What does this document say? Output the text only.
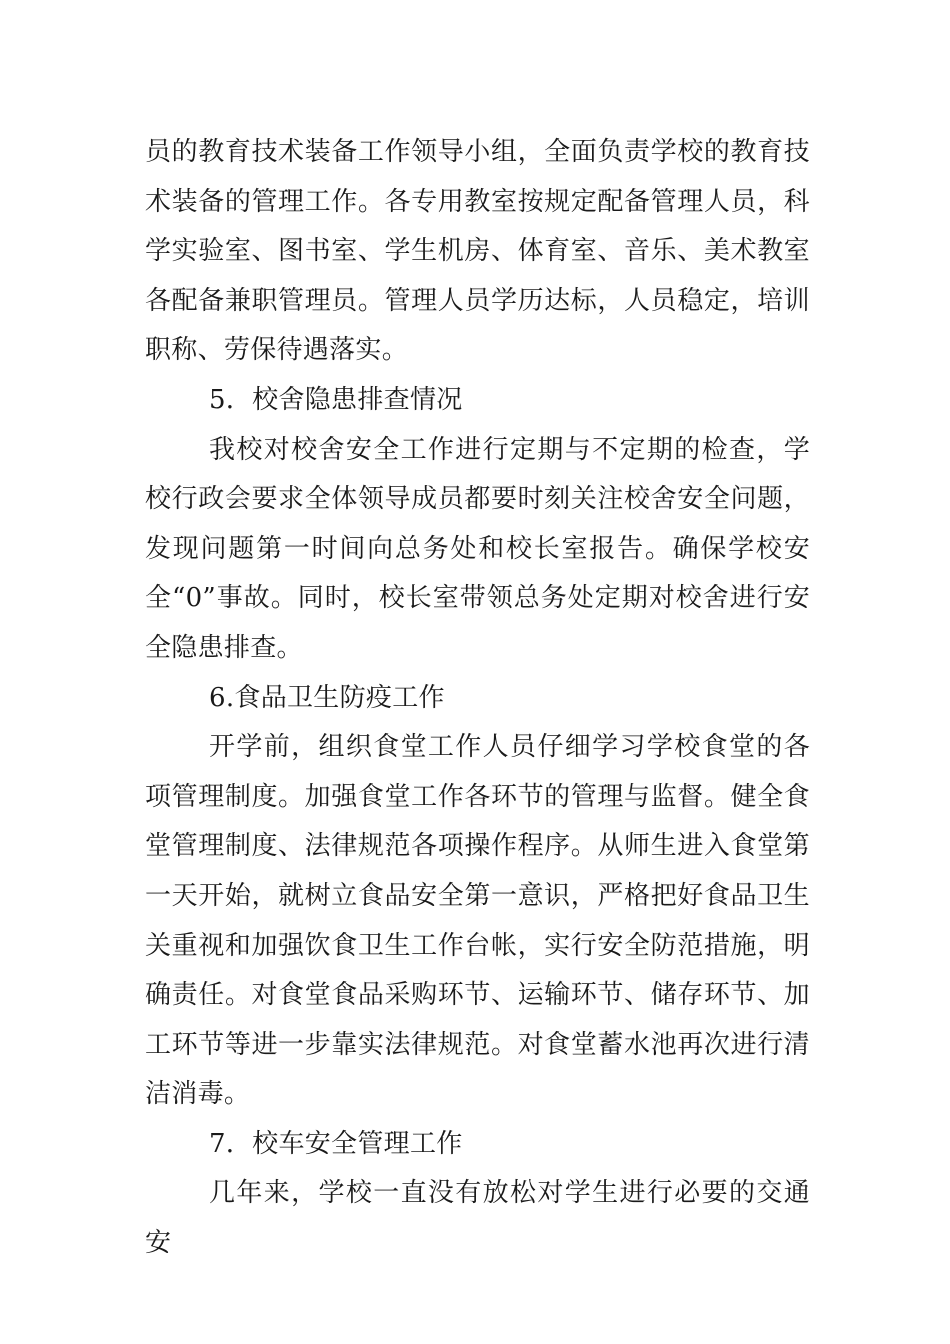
员的教育技术装备工作领导小组，全面负责学校的教育技术装备的管理工作。各专用教室按规定配备管理人员，科学实验室、图书室、学生机房、体育室、音乐、美术教室各配备兼职管理员。管理人员学历达标，人员稳定，培训职称、劳保待遇落实。

5．校舍隐患排查情况

我校对校舍安全工作进行定期与不定期的检查，学校行政会要求全体领导成员都要时刻关注校舍安全问题，发现问题第一时间向总务处和校长室报告。确保学校安全“0”事故。同时，校长室带领总务处定期对校舍进行安全隐患排查。

6.食品卫生防疫工作

开学前，组织食堂工作人员仔细学习学校食堂的各项管理制度。加强食堂工作各环节的管理与监督。健全食堂管理制度、法律规范各项操作程序。从师生进入食堂第一天开始，就树立食品安全第一意识，严格把好食品卫生关重视和加强饮食卫生工作台帐，实行安全防范措施，明确责任。对食堂食品采购环节、运输环节、储存环节、加工环节等进一步靠实法律规范。对食堂蓄水池再次进行清洁消毒。

7．校车安全管理工作

几年来，学校一直没有放松对学生进行必要的交通安
